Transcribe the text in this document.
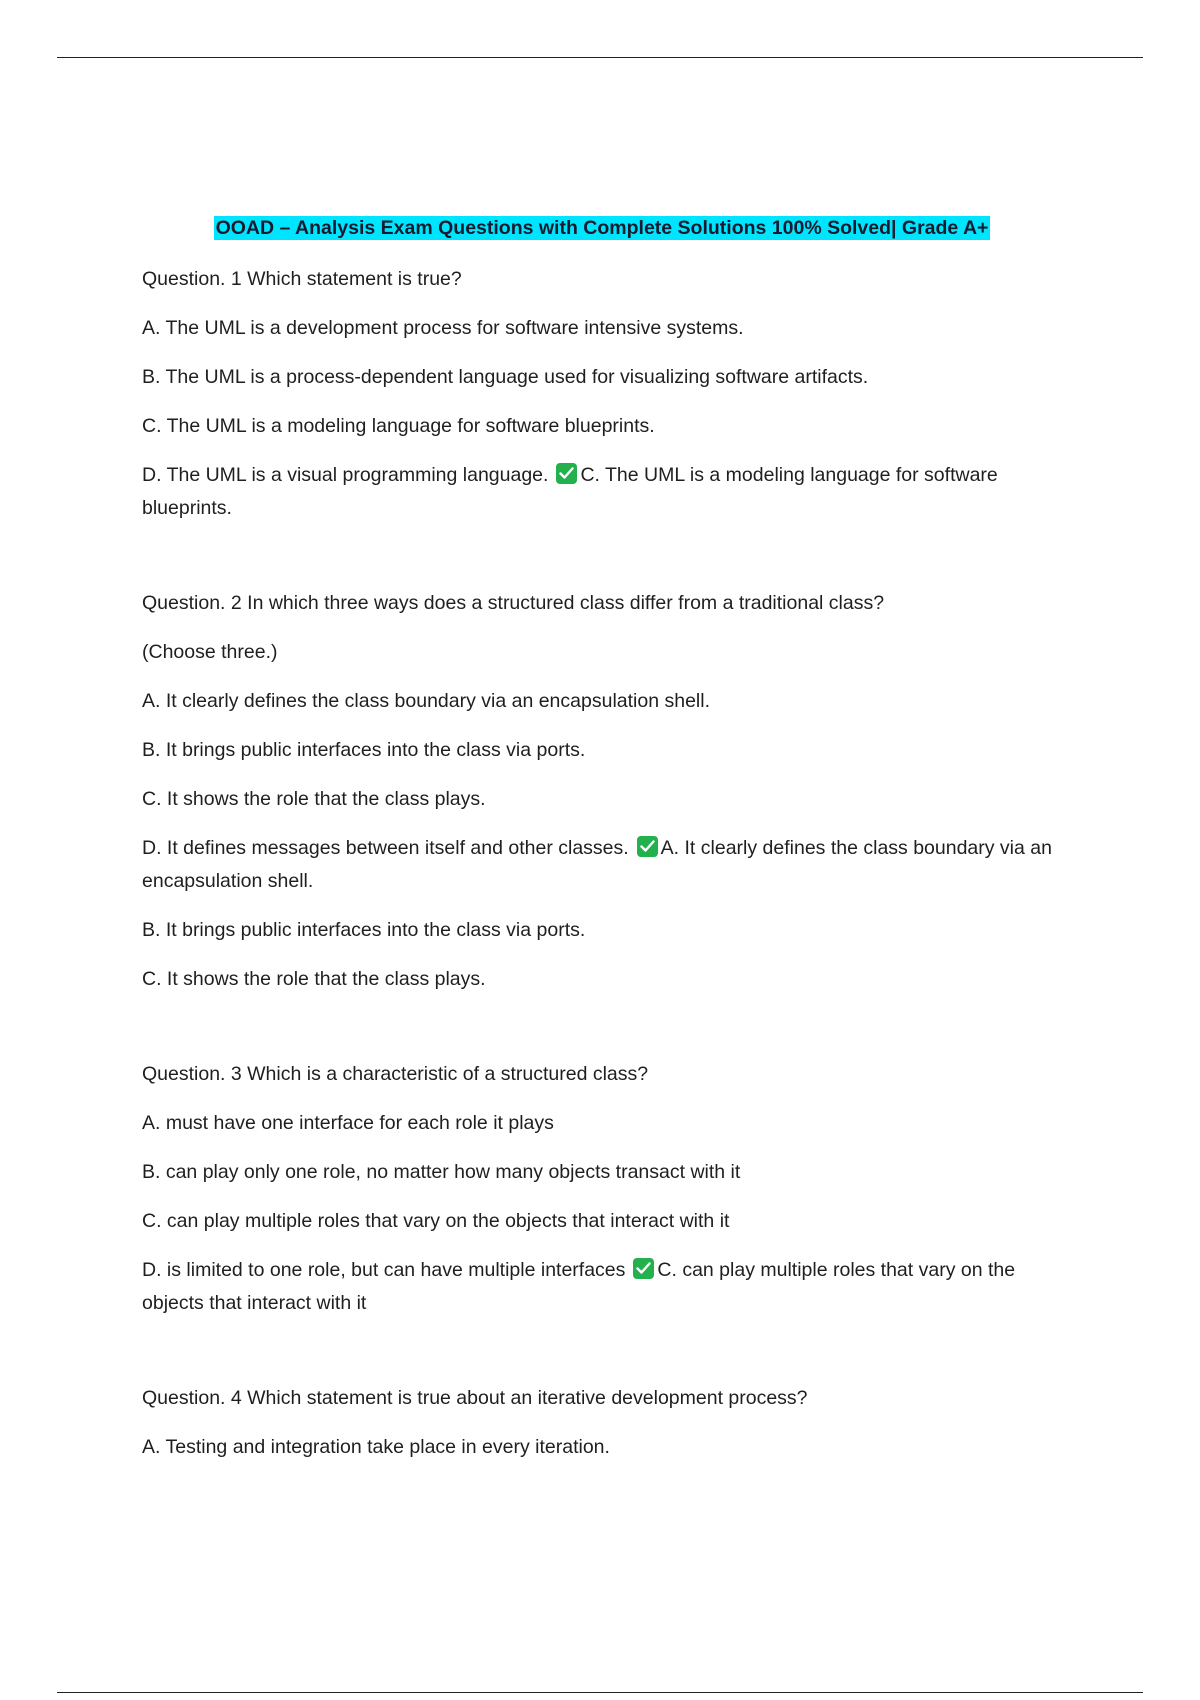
OOAD – Analysis Exam Questions with Complete Solutions 100% Solved| Grade A+

Question. 1 Which statement is true?

A. The UML is a development process for software intensive systems.

B. The UML is a process-dependent language used for visualizing software artifacts.

C. The UML is a modeling language for software blueprints.

D. The UML is a visual programming language. C. The UML is a modeling language for software blueprints.

Question. 2 In which three ways does a structured class differ from a traditional class?

(Choose three.)

A. It clearly defines the class boundary via an encapsulation shell.

B. It brings public interfaces into the class via ports.

C. It shows the role that the class plays.

D. It defines messages between itself and other classes. A. It clearly defines the class boundary via an encapsulation shell.

B. It brings public interfaces into the class via ports.

C. It shows the role that the class plays.

Question. 3 Which is a characteristic of a structured class?

A. must have one interface for each role it plays

B. can play only one role, no matter how many objects transact with it

C. can play multiple roles that vary on the objects that interact with it

D. is limited to one role, but can have multiple interfaces C. can play multiple roles that vary on the objects that interact with it

Question. 4 Which statement is true about an iterative development process?

A. Testing and integration take place in every iteration.
